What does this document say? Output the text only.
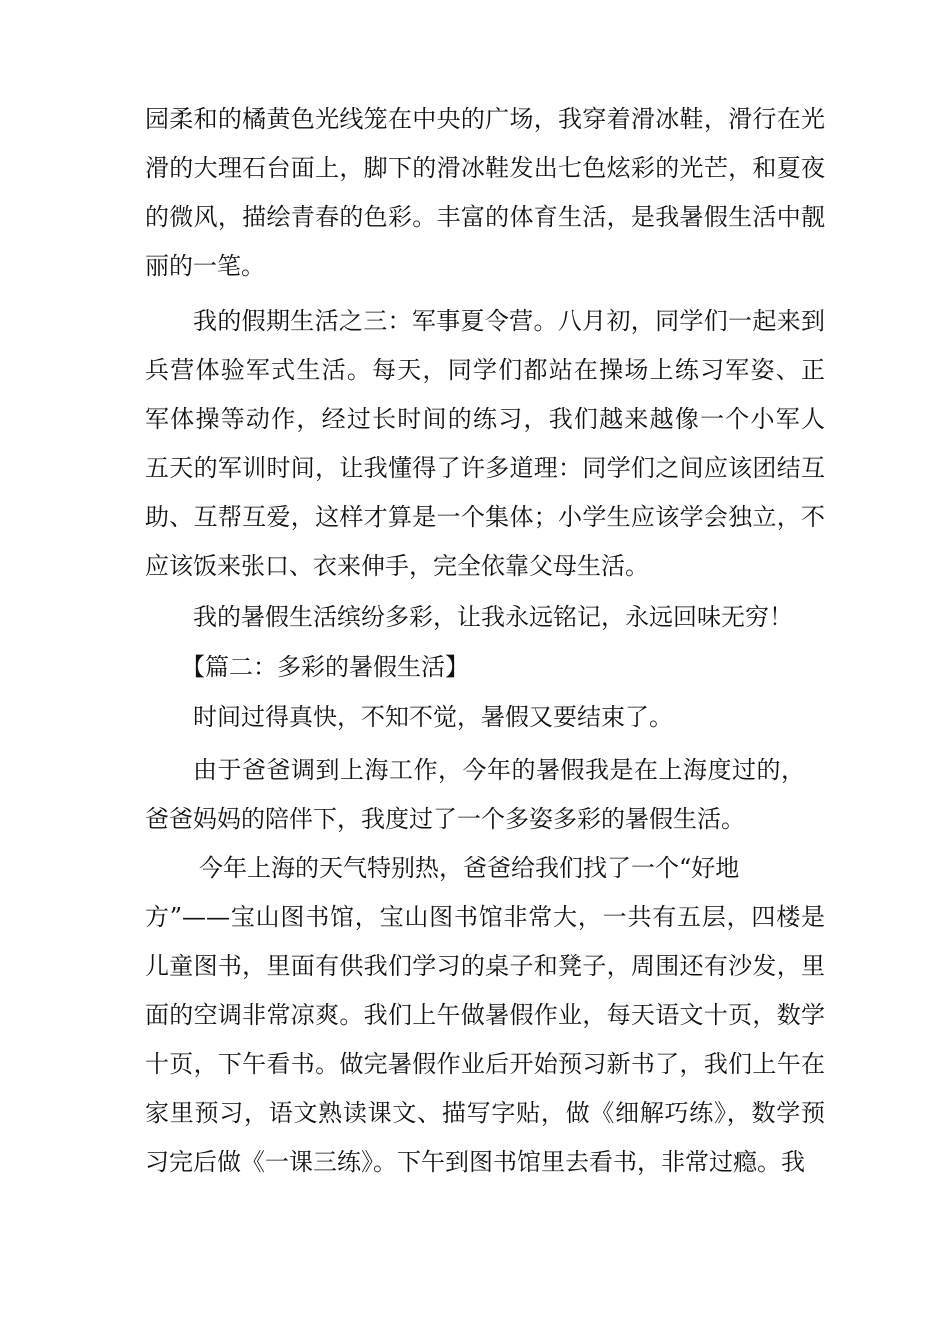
园柔和的橘黄色光线笼在中央的广场，我穿着滑冰鞋，滑行在光
滑的大理石台面上，脚下的滑冰鞋发出七色炫彩的光芒，和夏夜
的微风，描绘青春的色彩。丰富的体育生活，是我暑假生活中靓
丽的一笔。
我的假期生活之三：军事夏令营。八月初，同学们一起来到
兵营体验军式生活。每天，同学们都站在操场上练习军姿、正
军体操等动作，经过长时间的练习，我们越来越像一个小军人
五天的军训时间，让我懂得了许多道理：同学们之间应该团结互
助、互帮互爱，这样才算是一个集体；小学生应该学会独立，不
应该饭来张口、衣来伸手，完全依靠父母生活。
我的暑假生活缤纷多彩，让我永远铭记，永远回味无穷！
【篇二：多彩的暑假生活】
时间过得真快，不知不觉，暑假又要结束了。
由于爸爸调到上海工作，今年的暑假我是在上海度过的，
爸爸妈妈的陪伴下，我度过了一个多姿多彩的暑假生活。
今年上海的天气特别热，爸爸给我们找了一个“好地
方”——宝山图书馆，宝山图书馆非常大，一共有五层，四楼是
儿童图书，里面有供我们学习的桌子和凳子，周围还有沙发，里
面的空调非常凉爽。我们上午做暑假作业，每天语文十页，数学
十页，下午看书。做完暑假作业后开始预习新书了，我们上午在
家里预习，语文熟读课文、描写字贴，做《细解巧练》，数学预
习完后做《一课三练》。下午到图书馆里去看书，非常过瘾。我
